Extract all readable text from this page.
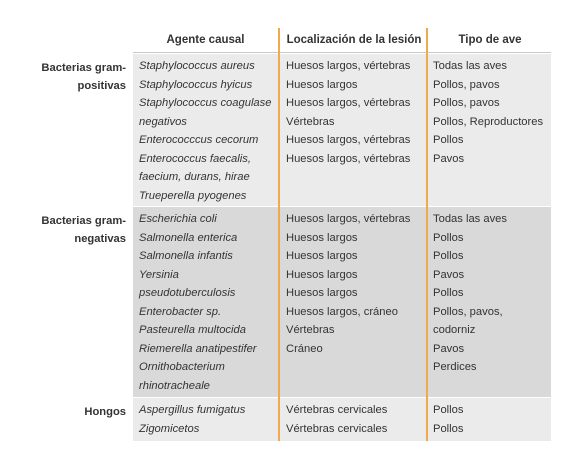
Agente causal	Localización de la lesión	Tipo de ave
Staphylococcus aureus
Staphylococcus hyicus
Staphylococcus coagulase
negativos
Enterococccus cecorum
Enterococcus faecalis,
faecium, durans, hirae
Trueperella pyogenes
Huesos largos, vértebras
Huesos largos
Huesos largos, vértebras
Vértebras
Huesos largos, vértebras
Huesos largos, vértebras
Todas las aves
Pollos, pavos
Pollos, pavos
Pollos, Reproductores
Pollos
Pavos
Bacterias gram-
positivas
Escherichia coli
Salmonella enterica
Salmonella infantis
Yersinia
pseudotuberculosis
Enterobacter sp.
Pasteurella multocida
Riemerella anatipestifer
Ornithobacterium
rhinotracheale
Huesos largos, vértebras
Huesos largos
Huesos largos
Huesos largos
Huesos largos
Huesos largos, cráneo
Vértebras
Cráneo
Todas las aves
Pollos
Pollos
Pavos
Pollos
Pollos, pavos,
codorniz
Pavos
Perdices
Bacterias gram-
negativas
Aspergillus fumigatus
Zigomicetos
Vértebras cervicales
Vértebras cervicales
Pollos
Pollos
Hongos
